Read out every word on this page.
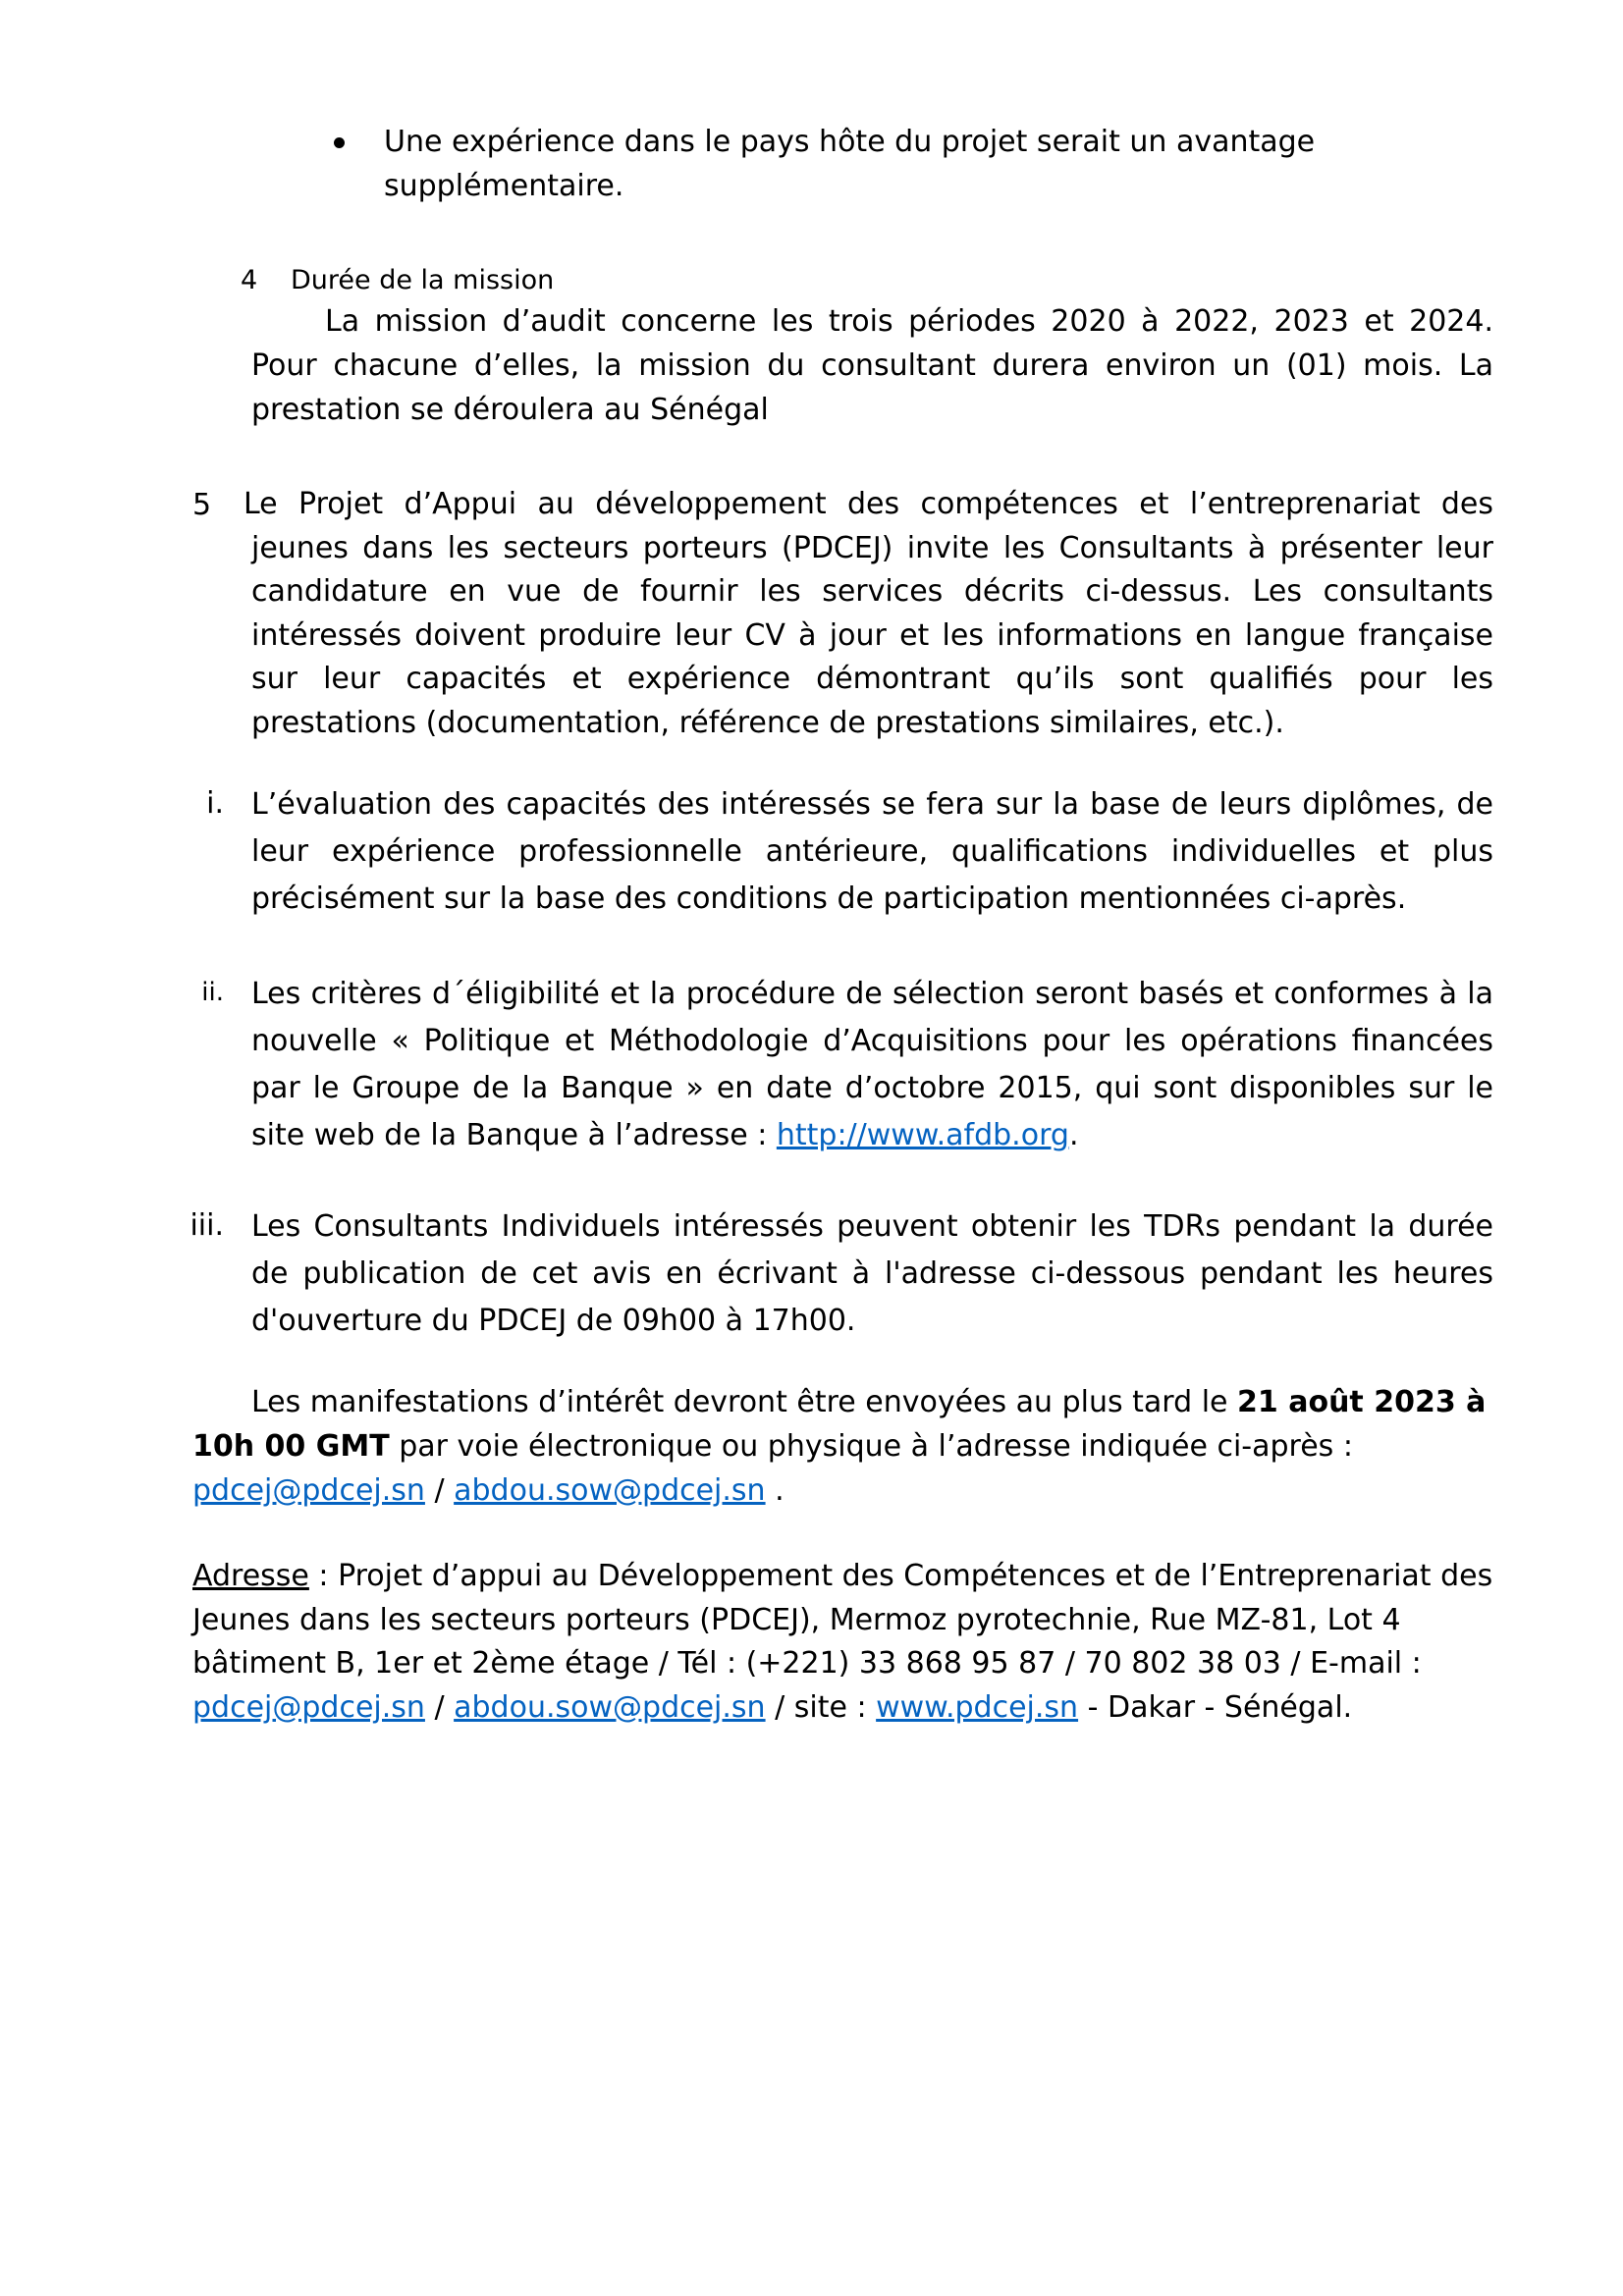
Une expérience dans le pays hôte du projet serait un avantage supplémentaire.
4 Durée de la mission
La mission d’audit concerne les trois périodes 2020 à 2022, 2023 et 2024. Pour chacune d’elles, la mission du consultant durera environ un (01) mois. La prestation se déroulera au Sénégal
5 Le Projet d’Appui au développement des compétences et l’entreprenariat des jeunes dans les secteurs porteurs (PDCEJ) invite les Consultants à présenter leur candidature en vue de fournir les services décrits ci-dessus. Les consultants intéressés doivent produire leur CV à jour et les informations en langue française sur leur capacités et expérience démontrant qu’ils sont qualifiés pour les prestations (documentation, référence de prestations similaires, etc.).
i. L’évaluation des capacités des intéressés se fera sur la base de leurs diplômes, de leur expérience professionnelle antérieure, qualifications individuelles et plus précisément sur la base des conditions de participation mentionnées ci-après.
ii. Les critères d´éligibilité et la procédure de sélection seront basés et conformes à la nouvelle « Politique et Méthodologie d’Acquisitions pour les opérations financées par le Groupe de la Banque » en date d’octobre 2015, qui sont disponibles sur le site web de la Banque à l’adresse : http://www.afdb.org.
iii. Les Consultants Individuels intéressés peuvent obtenir les TDRs pendant la durée de publication de cet avis en écrivant à l'adresse ci-dessous pendant les heures d'ouverture du PDCEJ de 09h00 à 17h00.
Les manifestations d’intérêt devront être envoyées au plus tard le 21 août 2023 à 10h 00 GMT par voie électronique ou physique à l’adresse indiquée ci-après : pdcej@pdcej.sn / abdou.sow@pdcej.sn .
Adresse : Projet d’appui au Développement des Compétences et de l’Entreprenariat des Jeunes dans les secteurs porteurs (PDCEJ), Mermoz pyrotechnie, Rue MZ-81, Lot 4 bâtiment B, 1er et 2ème étage / Tél : (+221) 33 868 95 87 / 70 802 38 03 / E-mail : pdcej@pdcej.sn / abdou.sow@pdcej.sn / site : www.pdcej.sn - Dakar - Sénégal.
